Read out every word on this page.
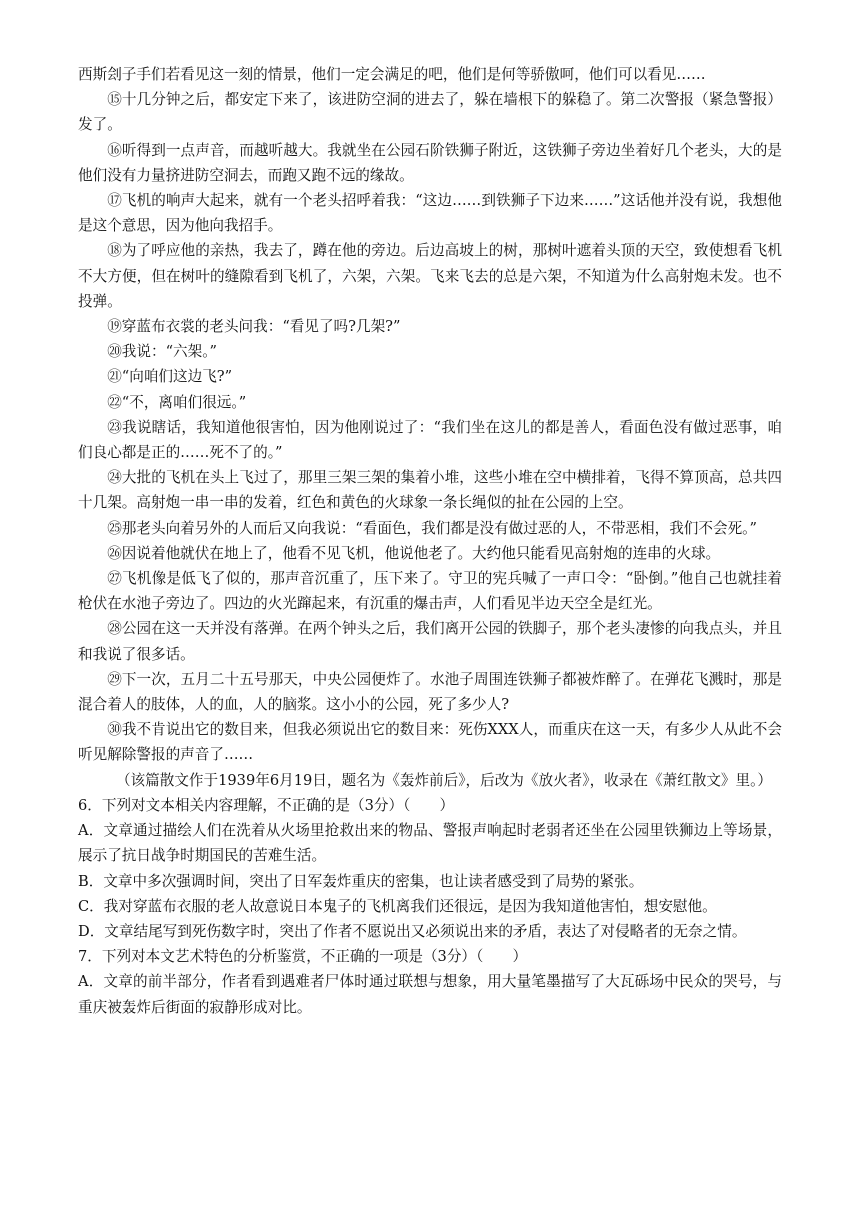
西斯刽子手们若看见这一刻的情景，他们一定会满足的吧，他们是何等骄傲呵，他们可以看见……

⑮十几分钟之后，都安定下来了，该进防空洞的进去了，躲在墙根下的躲稳了。第二次警报（紧急警报）发了。

⑯听得到一点声音，而越听越大。我就坐在公园石阶铁狮子附近，这铁狮子旁边坐着好几个老头，大的是他们没有力量挤进防空洞去，而跑又跑不远的缘故。

⑰飞机的响声大起来，就有一个老头招呼着我：“这边……到铁狮子下边来……”这话他并没有说，我想他是这个意思，因为他向我招手。

⑱为了呼应他的亲热，我去了，蹲在他的旁边。后边高坡上的树，那树叶遮着头顶的天空，致使想看飞机不大方便，但在树叶的缝隙看到飞机了，六架，六架。飞来飞去的总是六架，不知道为什么高射炮未发。也不投弹。

⑲穿蓝布衣裳的老头问我：“看见了吗?几架?”

⑳我说：“六架。”

㉑“向咱们这边飞?”

㉒“不，离咱们很远。”

㉓我说瞎话，我知道他很害怕，因为他刚说过了：“我们坐在这儿的都是善人，看面色没有做过恶事，咱们良心都是正的……死不了的。”

㉔大批的飞机在头上飞过了，那里三架三架的集着小堆，这些小堆在空中横排着，飞得不算顶高，总共四十几架。高射炮一串一串的发着，红色和黄色的火球象一条长绳似的扯在公园的上空。

㉕那老头向着另外的人而后又向我说：“看面色，我们都是没有做过恶的人，不带恶相，我们不会死。”

㉖因说着他就伏在地上了，他看不见飞机，他说他老了。大约他只能看见高射炮的连串的火球。

㉗飞机像是低飞了似的，那声音沉重了，压下来了。守卫的宪兵喊了一声口令：“卧倒。”他自己也就挂着枪伏在水池子旁边了。四边的火光蹿起来，有沉重的爆击声，人们看见半边天空全是红光。

㉘公园在这一天并没有落弹。在两个钟头之后，我们离开公园的铁脚子，那个老头凄惨的向我点头，并且和我说了很多话。

㉙下一次，五月二十五号那天，中央公园便炸了。水池子周围连铁狮子都被炸醉了。在弹花飞溅时，那是混合着人的肢体，人的血，人的脑浆。这小小的公园，死了多少人?

㉚我不肯说出它的数目来，但我必须说出它的数目来：死伤XXX人，而重庆在这一天，有多少人从此不会听见解除警报的声音了……

（该篇散文作于1939年6月19日，题名为《轰炸前后》，后改为《放火者》，收录在《萧红散文》里。）

6．下列对文本相关内容理解，不正确的是（3分）（　　）

A．文章通过描绘人们在洗着从火场里抢救出来的物品、警报声响起时老弱者还坐在公园里铁狮边上等场景，展示了抗日战争时期国民的苦难生活。

B．文章中多次强调时间，突出了日军轰炸重庆的密集，也让读者感受到了局势的紧张。

C．我对穿蓝布衣服的老人故意说日本鬼子的飞机离我们还很远，是因为我知道他害怕，想安慰他。

D．文章结尾写到死伤数字时，突出了作者不愿说出又必须说出来的矛盾，表达了对侵略者的无奈之情。

7．下列对本文艺术特色的分析鉴赏，不正确的一项是（3分）（　　）

A．文章的前半部分，作者看到遇难者尸体时通过联想与想象，用大量笔墨描写了大瓦砾场中民众的哭号，与重庆被轰炸后街面的寂静形成对比。
